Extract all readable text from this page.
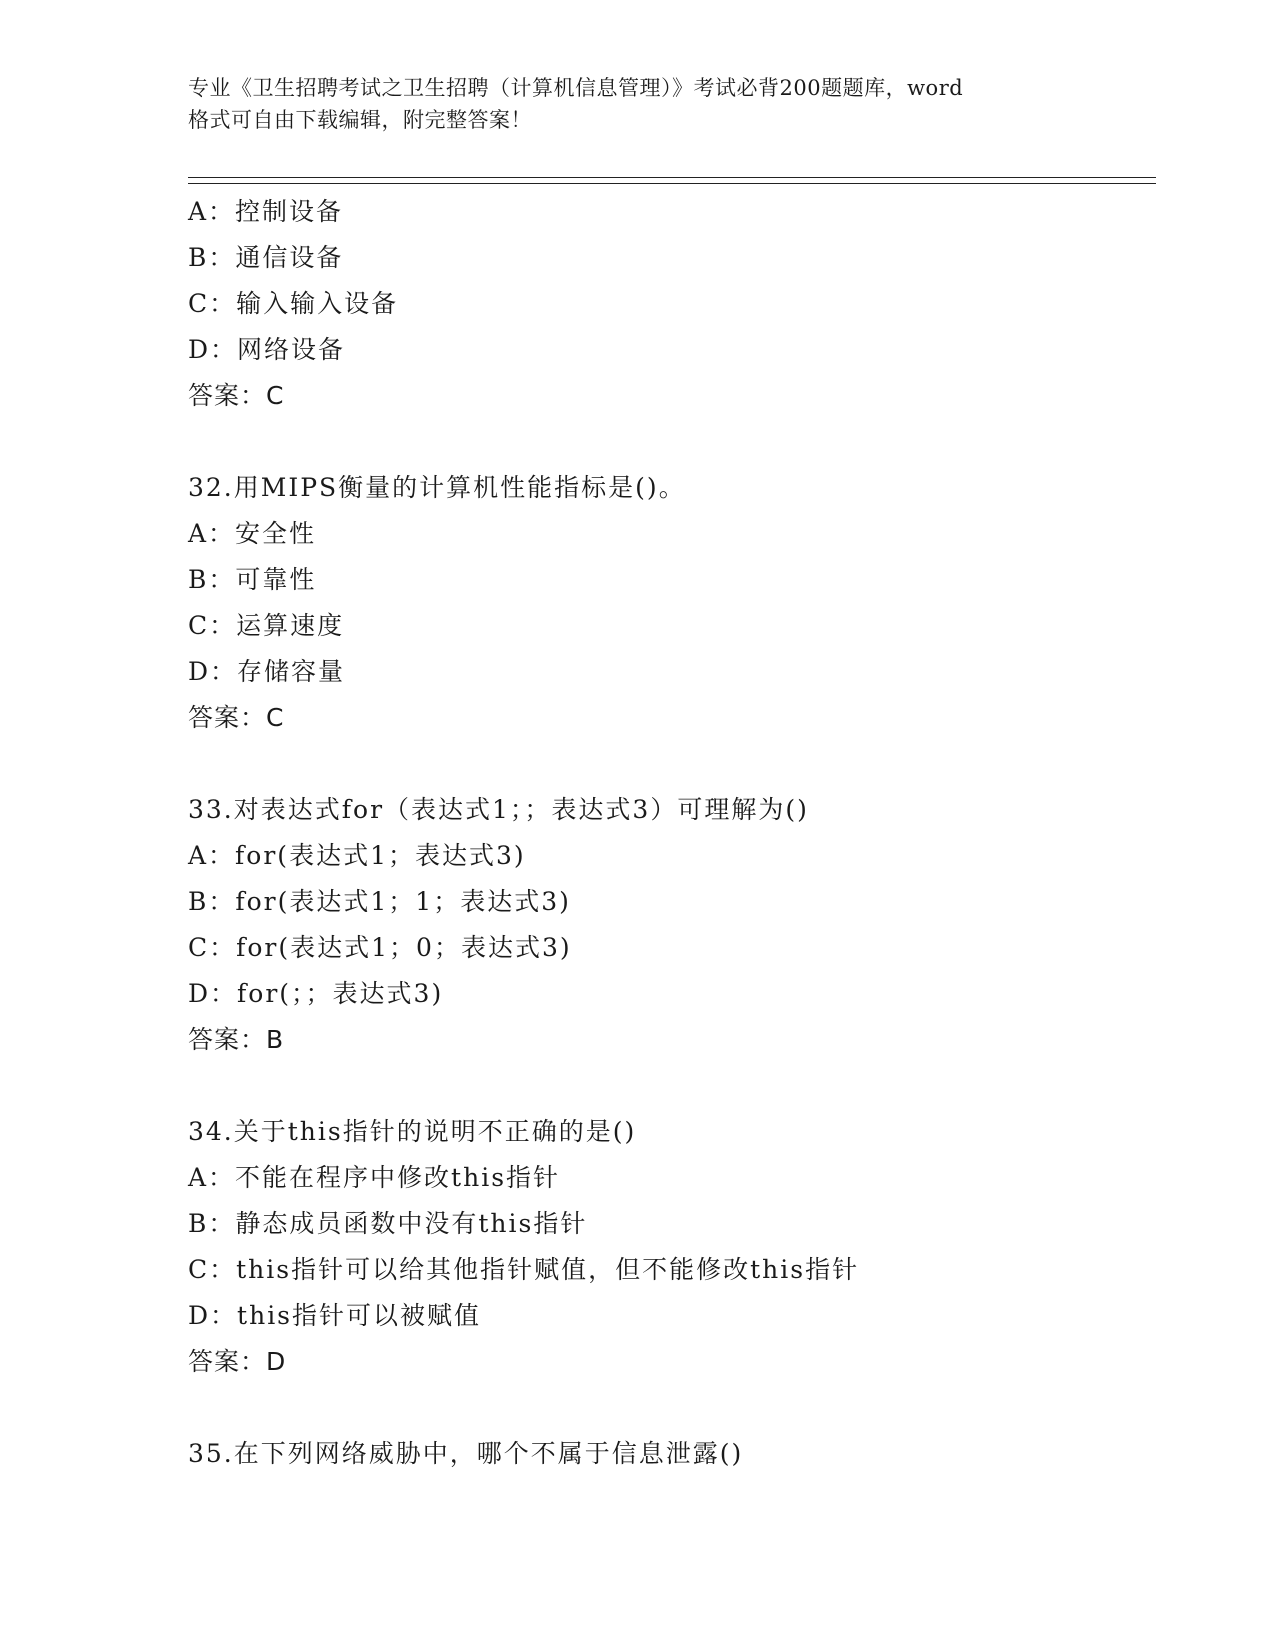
专业《卫生招聘考试之卫生招聘（计算机信息管理）》考试必背200题题库，word
格式可自由下载编辑，附完整答案！
A：控制设备
B：通信设备
C：输入输入设备
D：网络设备
答案：C
32.用MIPS衡量的计算机性能指标是()。
A：安全性
B：可靠性
C：运算速度
D：存储容量
答案：C
33.对表达式for（表达式1；；表达式3）可理解为()
A：for(表达式1；表达式3)
B：for(表达式1；1；表达式3)
C：for(表达式1；0；表达式3)
D：for(；；表达式3)
答案：B
34.关于this指针的说明不正确的是()
A：不能在程序中修改this指针
B：静态成员函数中没有this指针
C：this指针可以给其他指针赋值，但不能修改this指针
D：this指针可以被赋值
答案：D
35.在下列网络威胁中，哪个不属于信息泄露()
